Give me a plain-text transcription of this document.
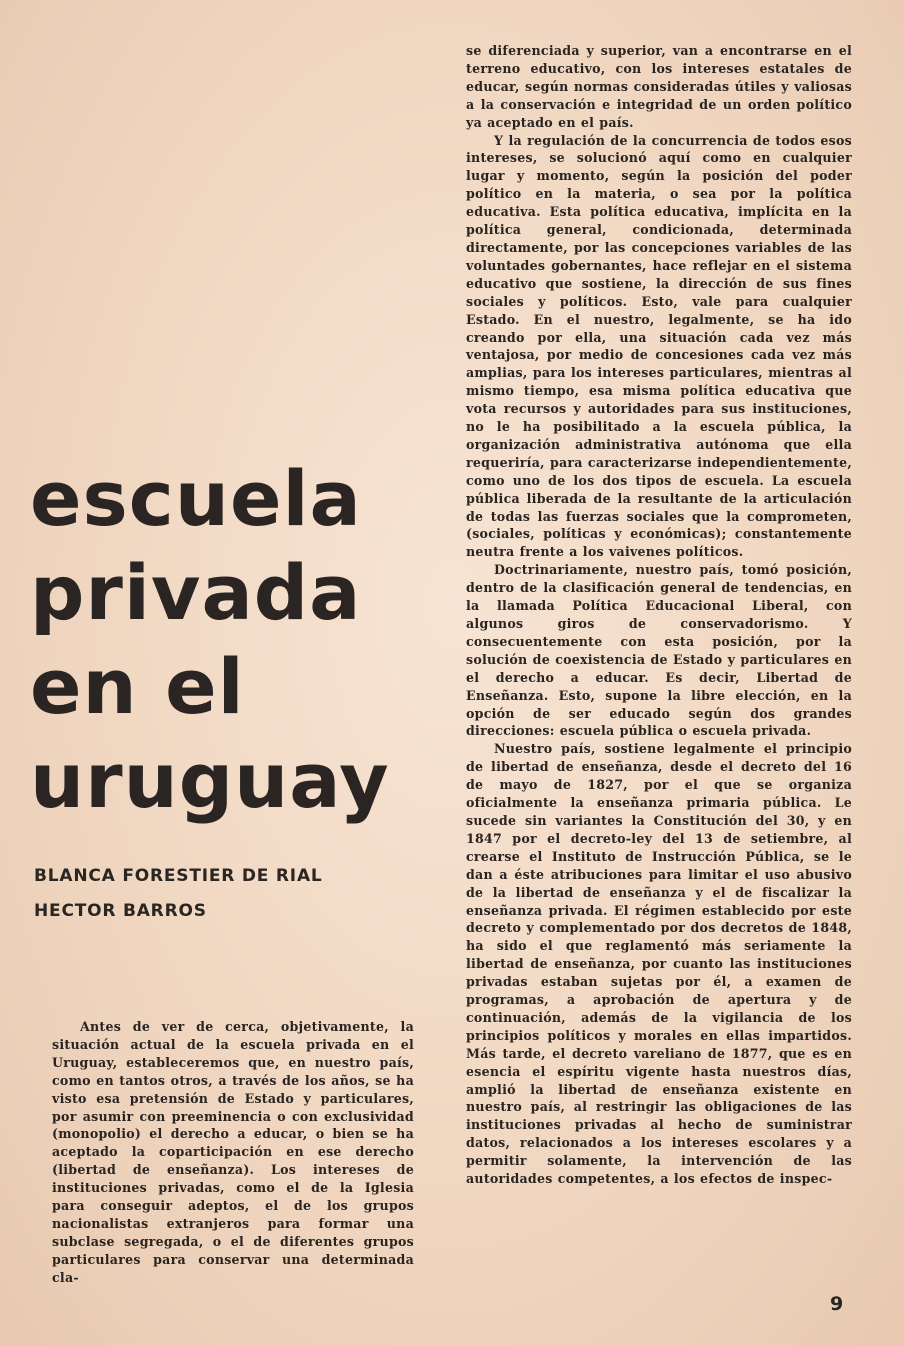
escuela
privada
en el
uruguay
BLANCA FORESTIER DE RIAL
HECTOR BARROS

Antes de ver de cerca, objetivamente, la situación actual de la escuela privada en el Uruguay, estableceremos que, en nuestro país, como en tantos otros, a través de los años, se ha visto esa pretensión de Estado y particulares, por asumir con preeminencia o con exclusividad (monopolio) el derecho a educar, o bien se ha aceptado la coparticipación en ese derecho (libertad de enseñanza). Los intereses de instituciones privadas, como el de la Iglesia para conseguir adeptos, el de los grupos nacionalistas extranjeros para formar una subclase segregada, o el de diferentes grupos particulares para conservar una determinada cla-

se diferenciada y superior, van a encontrarse en el terreno educativo, con los intereses estatales de educar, según normas consideradas útiles y valiosas a la conservación e integridad de un orden político ya aceptado en el país.

Y la regulación de la concurrencia de todos esos intereses, se solucionó aquí como en cualquier lugar y momento, según la posición del poder político en la materia, o sea por la política educativa. Esta política educativa, implícita en la política general, condicionada, determinada directamente, por las concepciones variables de las voluntades gobernantes, hace reflejar en el sistema educativo que sostiene, la dirección de sus fines sociales y políticos. Esto, vale para cualquier Estado. En el nuestro, legalmente, se ha ido creando por ella, una situación cada vez más ventajosa, por medio de concesiones cada vez más amplias, para los intereses particulares, mientras al mismo tiempo, esa misma política educativa que vota recursos y autoridades para sus instituciones, no le ha posibilitado a la escuela pública, la organización administrativa autónoma que ella requeriría, para caracterizarse independientemente, como uno de los dos tipos de escuela. La escuela pública liberada de la resultante de la articulación de todas las fuerzas sociales que la comprometen, (sociales, políticas y económicas); constantemente neutra frente a los vaivenes políticos.

Doctrinariamente, nuestro país, tomó posición, dentro de la clasificación general de tendencias, en la llamada Política Educacional Liberal, con algunos giros de conservadorismo. Y consecuentemente con esta posición, por la solución de coexistencia de Estado y particulares en el derecho a educar. Es decir, Libertad de Enseñanza. Esto, supone la libre elección, en la opción de ser educado según dos grandes direcciones: escuela pública o escuela privada.

Nuestro país, sostiene legalmente el principio de libertad de enseñanza, desde el decreto del 16 de mayo de 1827, por el que se organiza oficialmente la enseñanza primaria pública. Le sucede sin variantes la Constitución del 30, y en 1847 por el decreto-ley del 13 de setiembre, al crearse el Instituto de Instrucción Pública, se le dan a éste atribuciones para limitar el uso abusivo de la libertad de enseñanza y el de fiscalizar la enseñanza privada. El régimen establecido por este decreto y complementado por dos decretos de 1848, ha sido el que reglamentó más seriamente la libertad de enseñanza, por cuanto las instituciones privadas estaban sujetas por él, a examen de programas, a aprobación de apertura y de continuación, además de la vigilancia de los principios políticos y morales en ellas impartidos. Más tarde, el decreto vareliano de 1877, que es en esencia el espíritu vigente hasta nuestros días, amplió la libertad de enseñanza existente en nuestro país, al restringir las obligaciones de las instituciones privadas al hecho de suministrar datos, relacionados a los intereses escolares y a permitir solamente, la intervención de las autoridades competentes, a los efectos de inspec-

9
